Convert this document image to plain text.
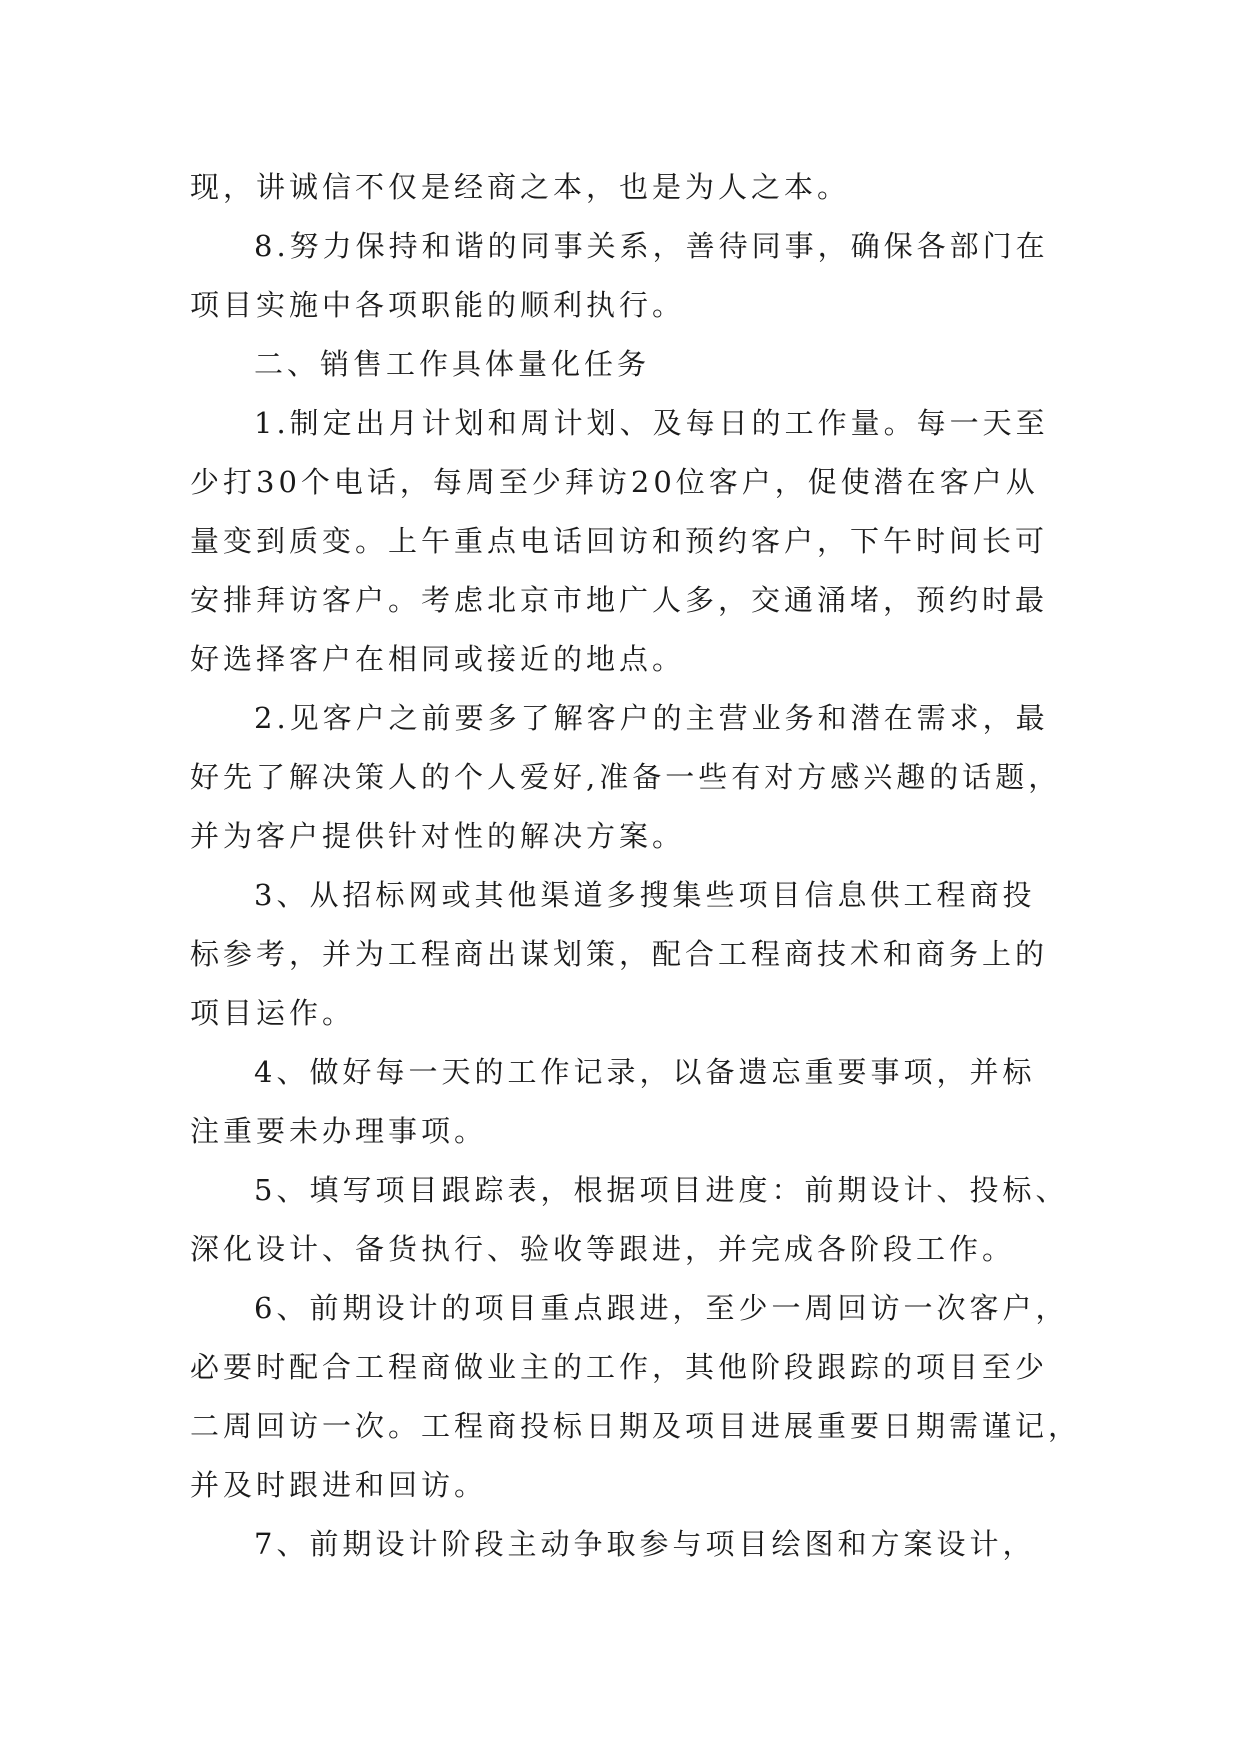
现，讲诚信不仅是经商之本，也是为人之本。
8.努力保持和谐的同事关系，善待同事，确保各部门在
项目实施中各项职能的顺利执行。
二、销售工作具体量化任务
1.制定出月计划和周计划、及每日的工作量。每一天至
少打30个电话，每周至少拜访20位客户，促使潜在客户从
量变到质变。上午重点电话回访和预约客户，下午时间长可
安排拜访客户。考虑北京市地广人多，交通涌堵，预约时最
好选择客户在相同或接近的地点。
2.见客户之前要多了解客户的主营业务和潜在需求，最
好先了解决策人的个人爱好,准备一些有对方感兴趣的话题，
并为客户提供针对性的解决方案。
3、从招标网或其他渠道多搜集些项目信息供工程商投
标参考，并为工程商出谋划策，配合工程商技术和商务上的
项目运作。
4、做好每一天的工作记录，以备遗忘重要事项，并标
注重要未办理事项。
5、填写项目跟踪表，根据项目进度：前期设计、投标、
深化设计、备货执行、验收等跟进，并完成各阶段工作。
6、前期设计的项目重点跟进，至少一周回访一次客户，
必要时配合工程商做业主的工作，其他阶段跟踪的项目至少
二周回访一次。工程商投标日期及项目进展重要日期需谨记，
并及时跟进和回访。
7、前期设计阶段主动争取参与项目绘图和方案设计，
